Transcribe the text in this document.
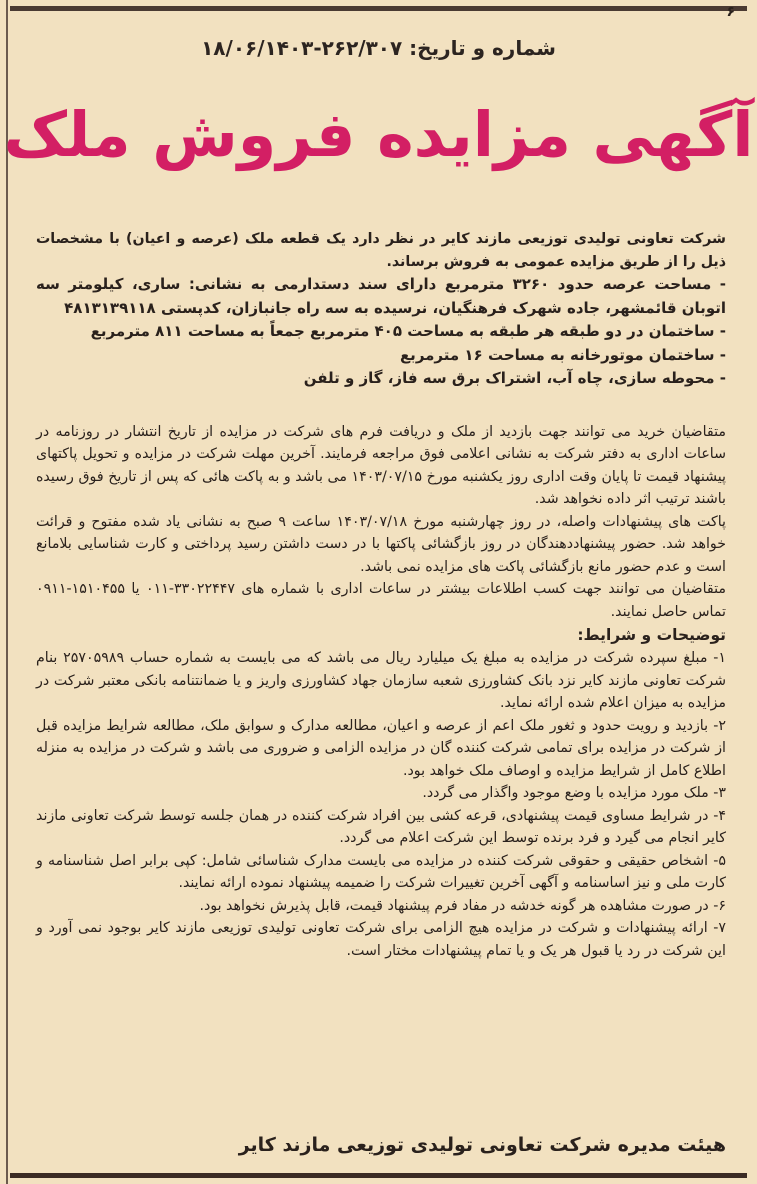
۶
شماره و تاریخ: ۲۶۲/۳۰۷-۱۸/۰۶/۱۴۰۳
آگهی مزایده فروش ملک
شرکت تعاونی تولیدی توزیعی مازند کایر در نظر دارد یک قطعه ملک (عرصه و اعیان) با مشخصات ذیل را از طریق مزایده عمومی به فروش برساند.
- مساحت عرصه حدود ۳۲۶۰ مترمربع دارای سند دستدارمی به نشانی: ساری، کیلومتر سه اتوبان قائمشهر، جاده شهرک فرهنگیان، نرسیده به سه راه جانبازان، کدپستی ۴۸۱۳۱۳۹۱۱۸
- ساختمان در دو طبقه هر طبقه به مساحت ۴۰۵ مترمربع جمعاً به مساحت ۸۱۱ مترمربع
- ساختمان موتورخانه به مساحت ۱۶ مترمربع
- محوطه سازی، چاه آب، اشتراک برق سه فاز، گاز و تلفن

متقاضیان خرید می توانند جهت بازدید از ملک و دریافت فرم های شرکت در مزایده از تاریخ انتشار در روزنامه در ساعات اداری به دفتر شرکت به نشانی اعلامی فوق مراجعه فرمایند. آخرین مهلت شرکت در مزایده و تحویل پاکتهای پیشنهاد قیمت تا پایان وقت اداری روز یکشنبه مورخ ۱۴۰۳/۰۷/۱۵ می باشد و به پاکت هائی که پس از تاریخ فوق رسیده باشند ترتیب اثر داده نخواهد شد.

پاکت های پیشنهادات واصله، در روز چهارشنبه مورخ ۱۴۰۳/۰۷/۱۸ ساعت ۹ صبح به نشانی یاد شده مفتوح و قرائت خواهد شد. حضور پیشنهاددهندگان در روز بازگشائی پاکتها با در دست داشتن رسید پرداختی و کارت شناسایی بلامانع است و عدم حضور مانع بازگشائی پاکت های مزایده نمی باشد.

متقاضیان می توانند جهت کسب اطلاعات بیشتر در ساعات اداری با شماره های ۳۳۰۲۲۴۴۷-۰۱۱ یا ۱۵۱۰۴۵۵-۰۹۱۱ تماس حاصل نمایند.

توضیحات و شرایط:

۱- مبلغ سپرده شرکت در مزایده به مبلغ یک میلیارد ریال می باشد که می بایست به شماره حساب ۲۵۷۰۵۹۸۹ بنام شرکت تعاونی مازند کایر نزد بانک کشاورزی شعبه سازمان جهاد کشاورزی واریز و یا ضمانتنامه بانکی معتبر شرکت در مزایده به میزان اعلام شده ارائه نماید.

۲- بازدید و رویت حدود و ثغور ملک اعم از عرصه و اعیان، مطالعه مدارک و سوابق ملک، مطالعه شرایط مزایده قبل از شرکت در مزایده برای تمامی شرکت کننده گان در مزایده الزامی و ضروری می باشد و شرکت در مزایده به منزله اطلاع کامل از شرایط مزایده و اوصاف ملک خواهد بود.

۳- ملک مورد مزایده با وضع موجود واگذار می گردد.

۴- در شرایط مساوی قیمت پیشنهادی، قرعه کشی بین افراد شرکت کننده در همان جلسه توسط شرکت تعاونی مازند کایر انجام می گیرد و فرد برنده توسط این شرکت اعلام می گردد.

۵- اشخاص حقیقی و حقوقی شرکت کننده در مزایده می بایست مدارک شناسائی شامل: کپی برابر اصل شناسنامه و کارت ملی و نیز اساسنامه و آگهی آخرین تغییرات شرکت را ضمیمه پیشنهاد نموده ارائه نمایند.

۶- در صورت مشاهده هر گونه خدشه در مفاد فرم پیشنهاد قیمت، قابل پذیرش نخواهد بود.

۷- ارائه پیشنهادات و شرکت در مزایده هیچ الزامی برای شرکت تعاونی تولیدی توزیعی مازند کایر بوجود نمی آورد و این شرکت در رد یا قبول هر یک و یا تمام پیشنهادات مختار است.

هیئت مدیره شرکت تعاونی تولیدی توزیعی مازند کایر
